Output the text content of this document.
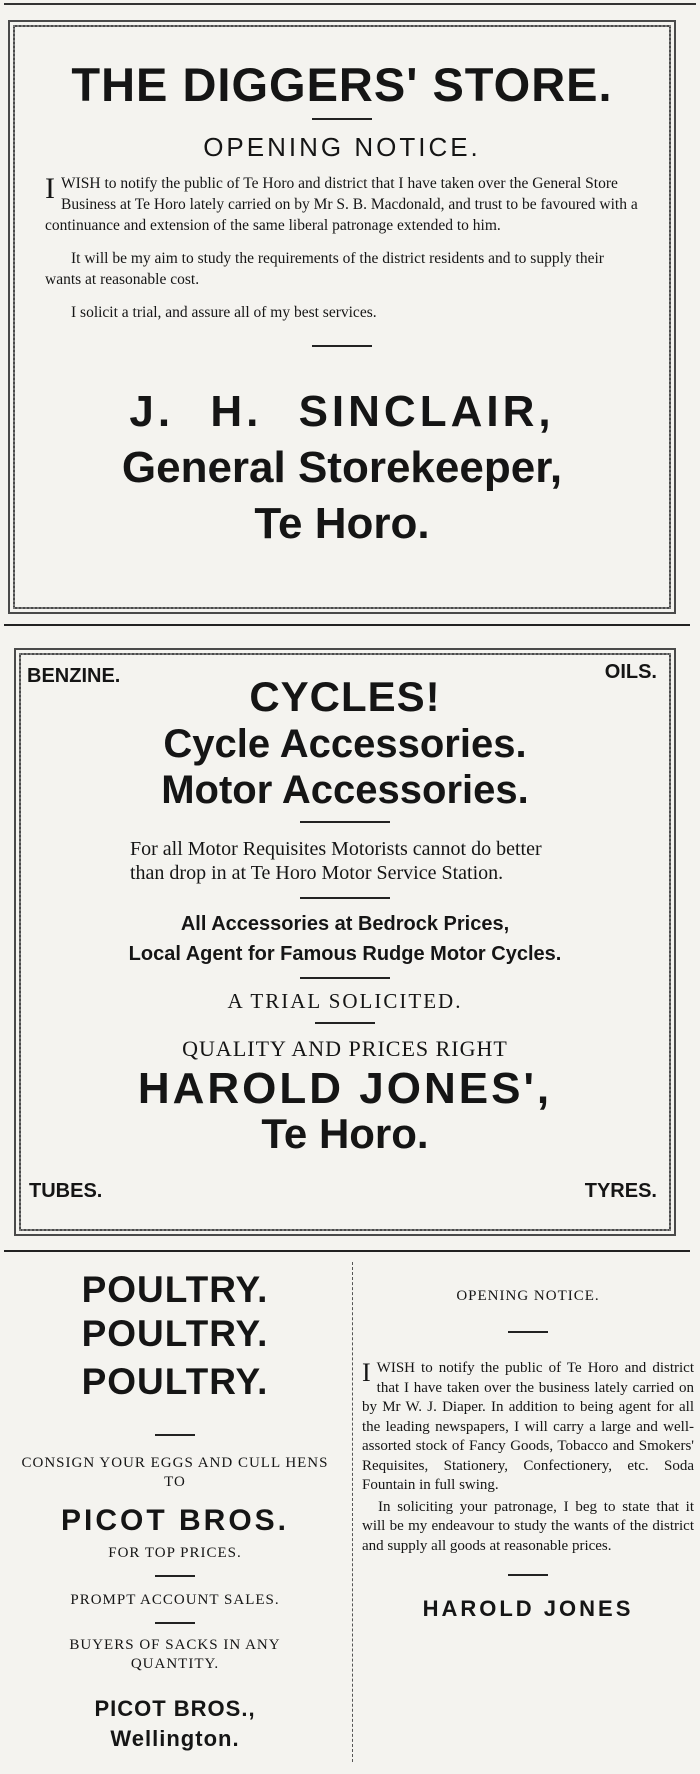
THE DIGGERS' STORE.
OPENING NOTICE.

IWISH to notify the public of Te Horo and district that I have taken over the General Store Business at Te Horo lately carried on by Mr S. B. Macdonald, and trust to be favoured with a continuance and extension of the same liberal patronage extended to him.

It will be my aim to study the requirements of the district residents and to supply their wants at reasonable cost.

I solicit a trial, and assure all of my best services.

J. H. SINCLAIR,
General Storekeeper,
Te Horo.
BENZINE.	OILS.
TUBES.	TYRES.
CYCLES!
Cycle Accessories.
Motor Accessories.
For all Motor Requisites Motorists cannot do better than drop in at Te Horo Motor Service Station.
All Accessories at Bedrock Prices,
Local Agent for Famous Rudge Motor Cycles.
A TRIAL SOLICITED.
QUALITY AND PRICES RIGHT
HAROLD JONES',
Te Horo.
POULTRY. POULTRY.
POULTRY.
CONSIGN YOUR EGGS AND CULL HENS TO
PICOT BROS.
FOR TOP PRICES.
PROMPT ACCOUNT SALES.
BUYERS OF SACKS IN ANY QUANTITY.
PICOT BROS.,
Wellington.
OPENING NOTICE.

IWISH to notify the public of Te Horo and district that I have taken over the business lately carried on by Mr W. J. Diaper. In addition to being agent for all the leading newspapers, I will carry a large and well-assorted stock of Fancy Goods, Tobacco and Smokers' Requisites, Stationery, Confectionery, etc. Soda Fountain in full swing.

In soliciting your patronage, I beg to state that it will be my endeavour to study the wants of the district and supply all goods at reasonable prices.

HAROLD JONES
